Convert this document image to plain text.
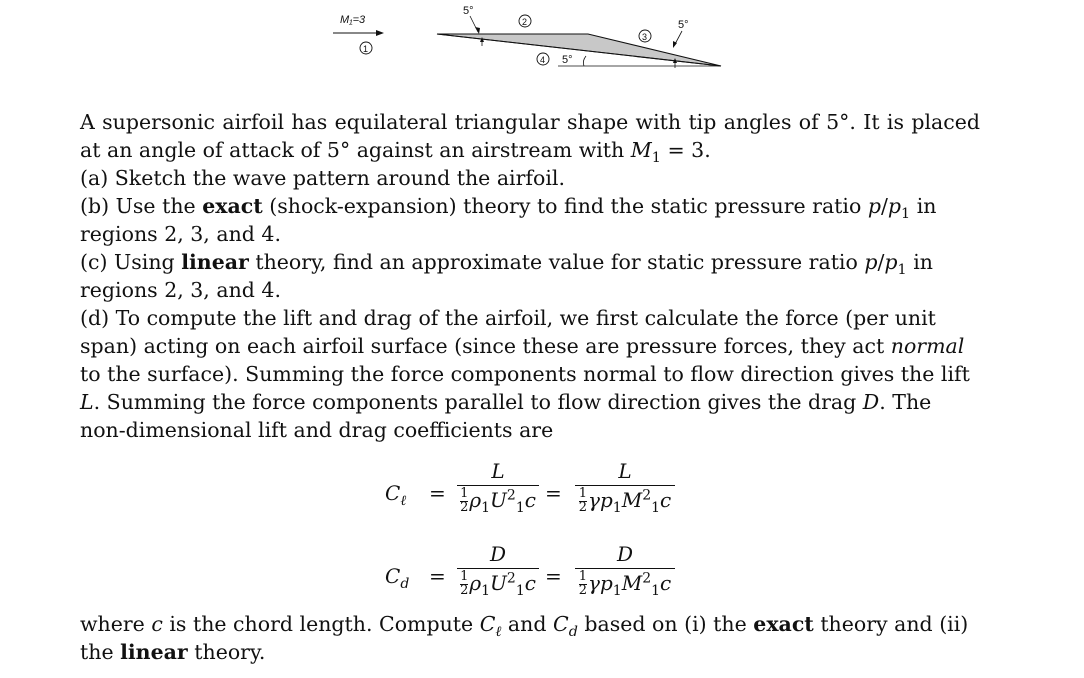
M₁=3
1
5°
2
3
5°
4 5°

A supersonic airfoil has equilateral triangular shape with tip angles of 5°. It is placed at an angle of attack of 5° against an airstream with $M_1 = 3$.

(a) Sketch the wave pattern around the airfoil.

(b) Use the exact (shock-expansion) theory to find the static pressure ratio $p/p_1$ in regions 2, 3, and 4.

(c) Using linear theory, find an approximate value for static pressure ratio $p/p_1$ in regions 2, 3, and 4.

(d) To compute the lift and drag of the airfoil, we first calculate the force (per unit span) acting on each airfoil surface (since these are pressure forces, they act normal to the surface). Summing the force components normal to flow direction gives the lift L. Summing the force components parallel to flow direction gives the drag D. The non-dimensional lift and drag coefficients are

$C_\ell$ =
L
$\frac{1}{2} \rho_1U^2_1c$ =
L
$\frac{1}{2} \gamma p_1M^2_1c$
$C_d$ =
D
$\frac{1}{2} \rho_1U^2_1c$ =
D
$\frac{1}{2} \gamma p_1M^2_1c$
where c is the chord length. Compute $C_\ell$ and $C_d$ based on (i) the exact theory and (ii) the linear theory.
